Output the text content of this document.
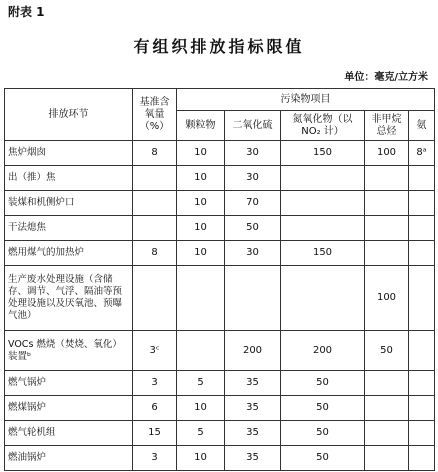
附表 1
有组织排放指标限值
单位：毫克/立方米
排放环节	基准含氧量（%）	污染物项目				
		颗粒物	二氧化硫	氮氧化物（以 NO₂ 计）	非甲烷总烃	氨
焦炉烟囱	8	10	30	150	100	8ᵃ
出（推）焦		10	30			
装煤和机侧炉口		10	70			
干法熄焦		10	50			
燃用煤气的加热炉	8	10	30	150		
生产废水处理设施（含储存、调节、气浮、隔油等预处理设施以及厌氧池、预曝气池）					100	
VOCs 燃烧（焚烧、氧化）装置ᵇ	3ᶜ		200	200	50	
燃气锅炉	3	5	35	50		
燃煤锅炉	6	10	35	50		
燃气轮机组	15	5	35	50		
燃油锅炉	3	10	35	50		
